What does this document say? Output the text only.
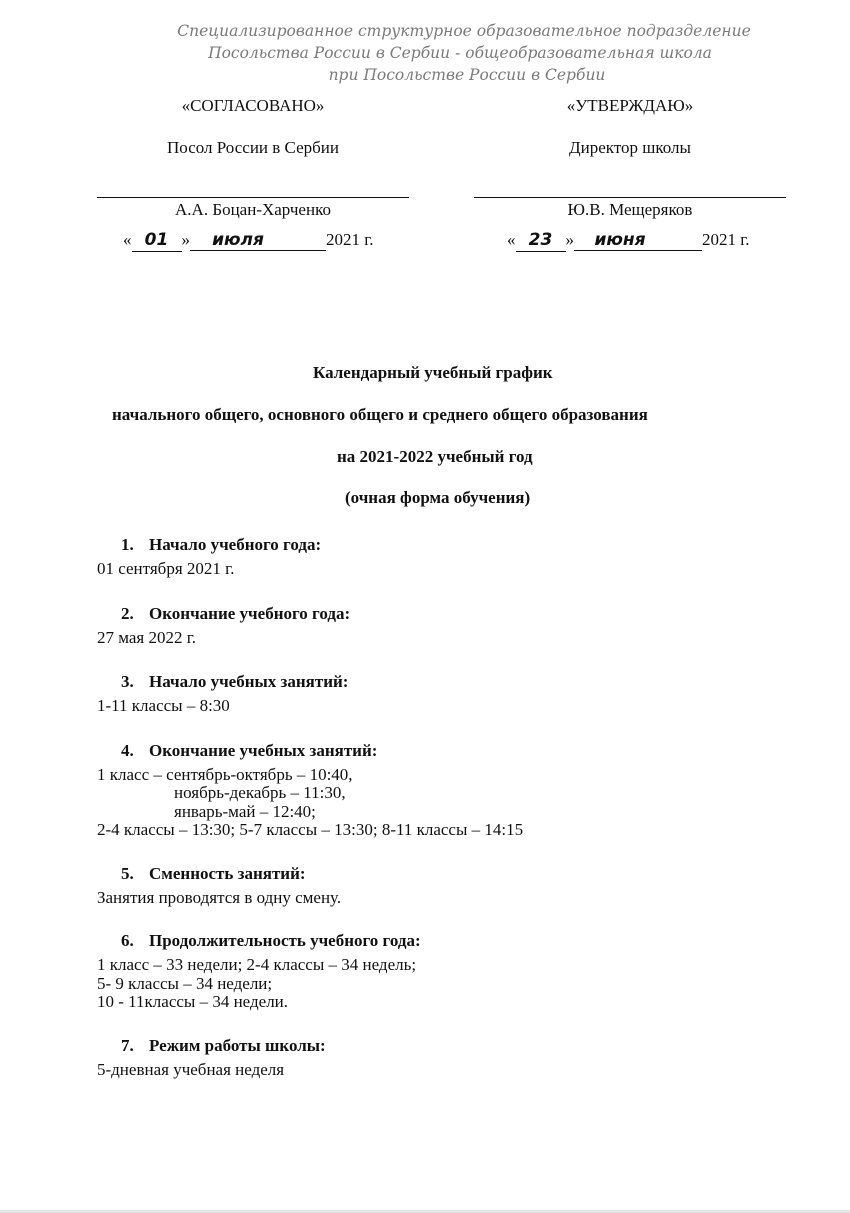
Специализированное структурное образовательное подразделение
Посольства России в Сербии - общеобразовательная школа
при Посольстве России в Сербии
«СОГЛАСОВАНО»
Посол России в Сербии
А.А. Боцан-Харченко
« 01 » июля	2021 г.
«УТВЕРЖДАЮ»
Директор школы
Ю.В. Мещеряков
« 23 » июня	2021 г.
Календарный учебный график
начального общего, основного общего и среднего общего образования
на 2021-2022 учебный год
(очная форма обучения)
1. Начало учебного года:
01 сентября 2021 г.
2. Окончание учебного года:
27 мая 2022 г.
3. Начало учебных занятий:
1-11 классы – 8:30
4. Окончание учебных занятий:
1 класс – сентябрь-октябрь – 10:40,
ноябрь-декабрь – 11:30,
январь-май – 12:40;
2-4 классы – 13:30; 5-7 классы – 13:30; 8-11 классы – 14:15
5. Сменность занятий:
Занятия проводятся в одну смену.
6. Продолжительность учебного года:
1 класс – 33 недели; 2-4 классы – 34 недель;
5- 9 классы – 34 недели;
10 - 11классы – 34 недели.
7. Режим работы школы:
5-дневная учебная неделя
